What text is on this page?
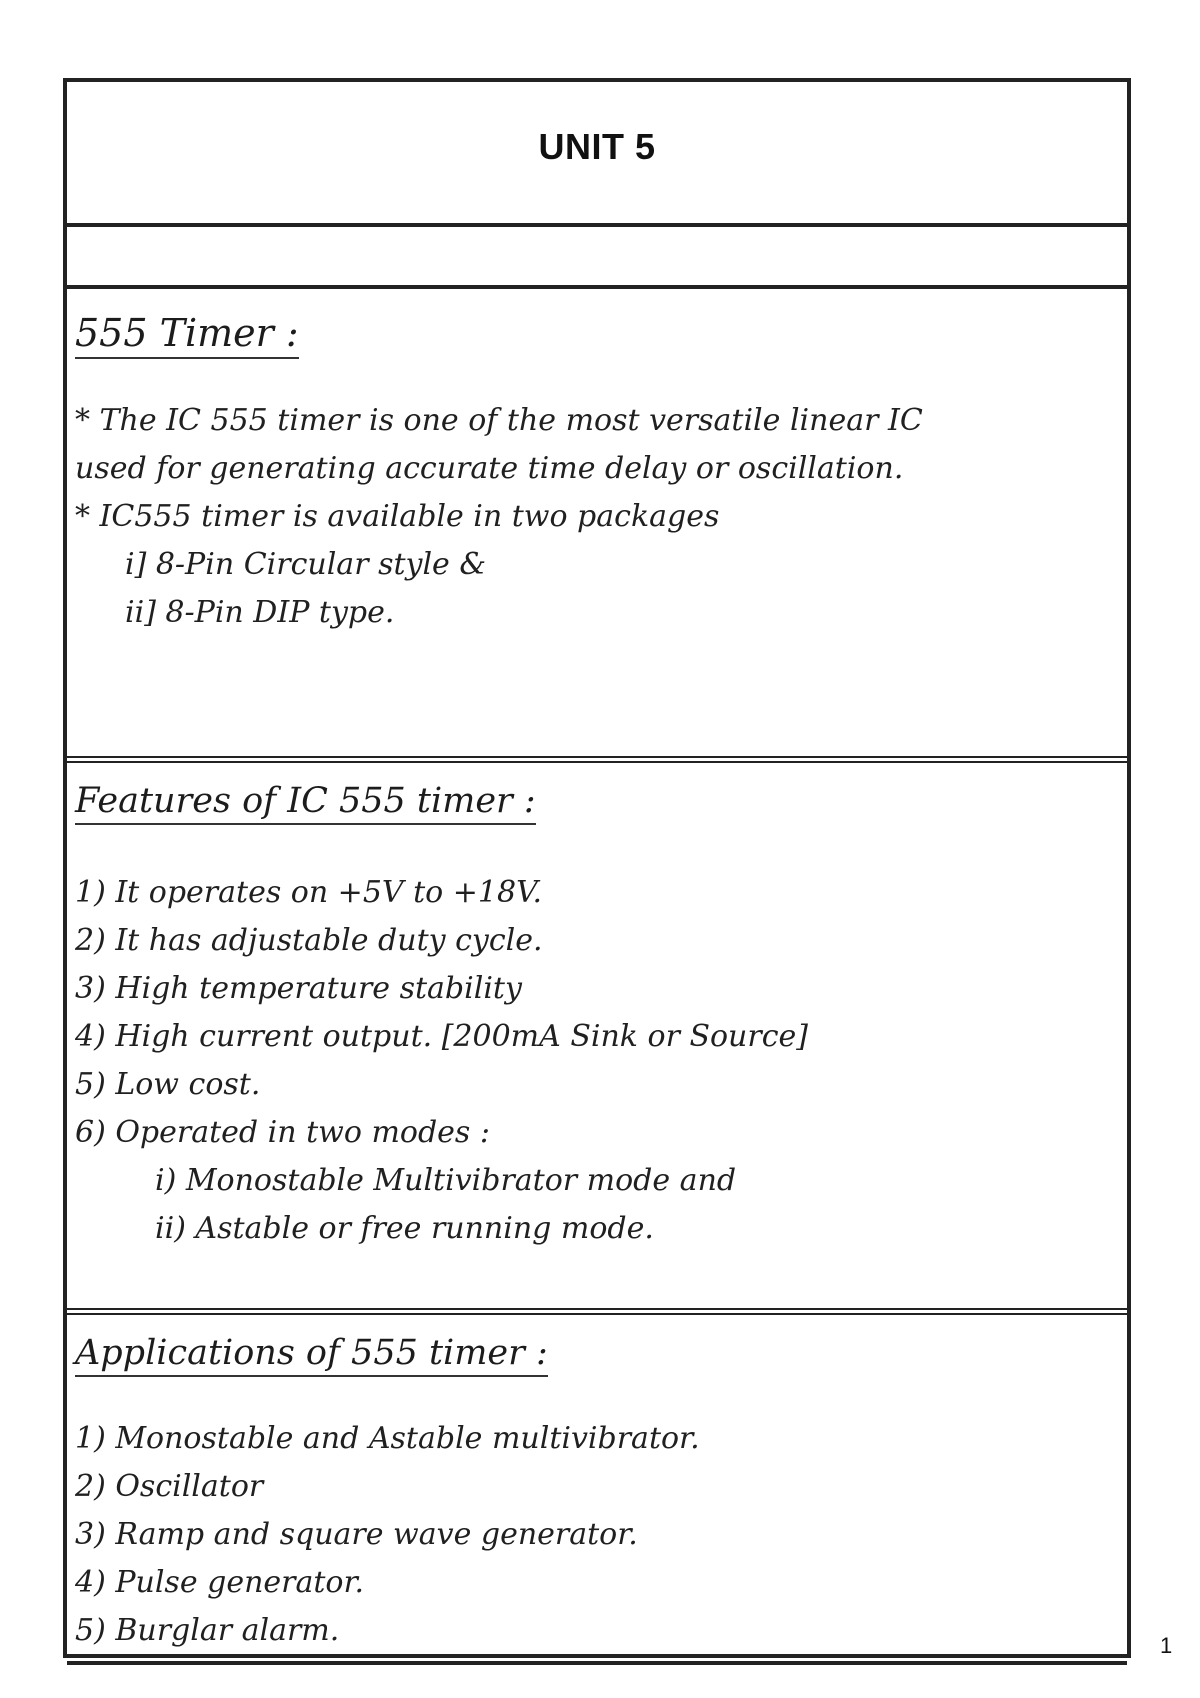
UNIT 5
555 Timer :
* The IC 555 timer is one of the most versatile linear IC
used for generating accurate time delay or oscillation.
* IC555 timer is available in two packages
i] 8-Pin Circular style &
ii] 8-Pin DIP type.
Features of IC 555 timer :
1) It operates on +5V to +18V.
2) It has adjustable duty cycle.
3) High temperature stability
4) High current output. [200mA Sink or Source]
5) Low cost.
6) Operated in two modes :
i) Monostable Multivibrator mode and
ii) Astable or free running mode.
Applications of 555 timer :
1) Monostable and Astable multivibrator.
2) Oscillator
3) Ramp and square wave generator.
4) Pulse generator.
5) Burglar alarm.	1
